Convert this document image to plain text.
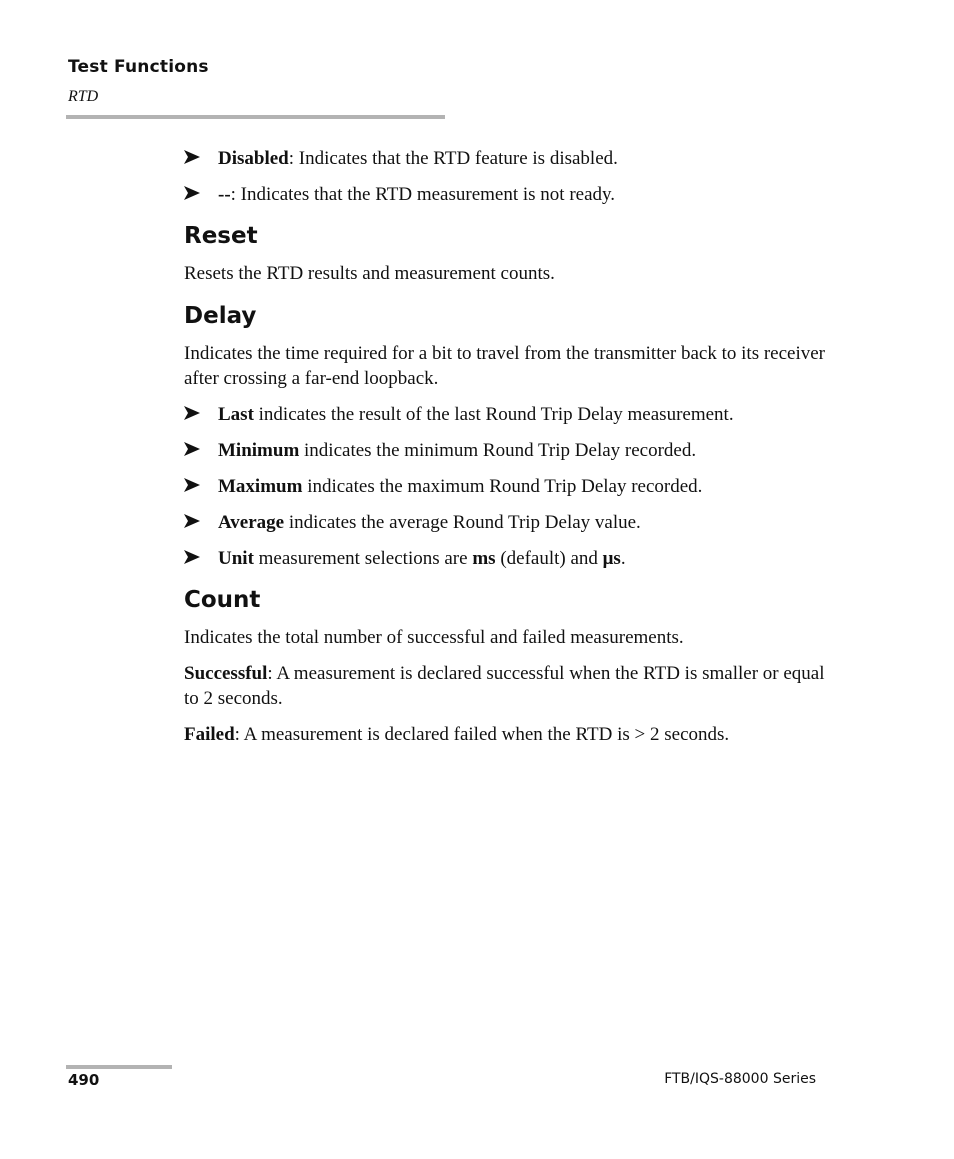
Test Functions
RTD
Disabled: Indicates that the RTD feature is disabled.
--: Indicates that the RTD measurement is not ready.
Reset

Resets the RTD results and measurement counts.

Delay

Indicates the time required for a bit to travel from the transmitter back to its receiver after crossing a far-end loopback.

Last indicates the result of the last Round Trip Delay measurement.
Minimum indicates the minimum Round Trip Delay recorded.
Maximum indicates the maximum Round Trip Delay recorded.
Average indicates the average Round Trip Delay value.
Unit measurement selections are ms (default) and μs.
Count

Indicates the total number of successful and failed measurements.

Successful: A measurement is declared successful when the RTD is smaller or equal to 2 seconds.

Failed: A measurement is declared failed when the RTD is > 2 seconds.

490	FTB/IQS-88000 Series
